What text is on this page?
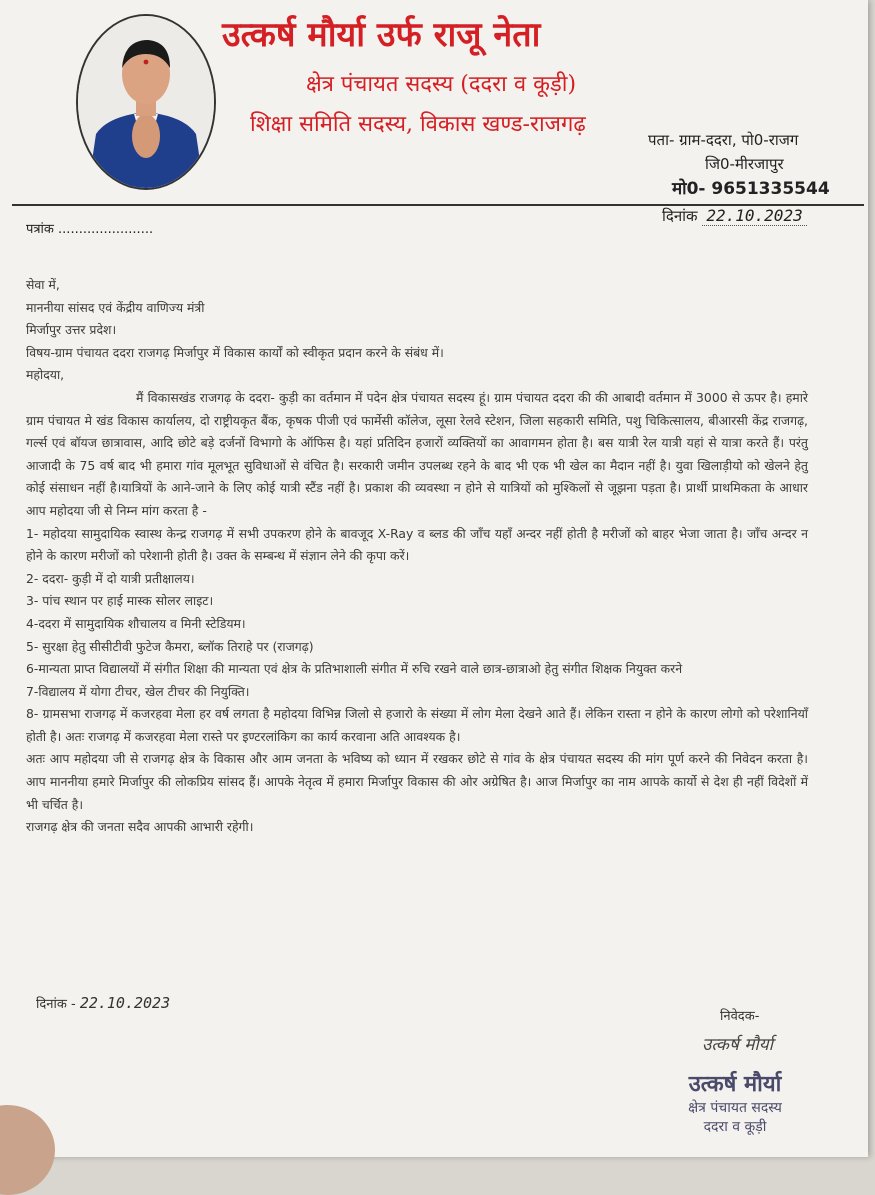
उत्कर्ष मौर्या उर्फ राजू नेता
क्षेत्र पंचायत सदस्य (ददरा व कूड़ी)
शिक्षा समिति सदस्य, विकास खण्ड-राजगढ़
पता- ग्राम-ददरा, पो0-राजग
जि0-मीरजापुर
मो0- 9651335544
पत्रांक .......................
दिनांक 22.10.2023

सेवा में,

माननीया सांसद एवं केंद्रीय वाणिज्य मंत्री

मिर्जापुर उत्तर प्रदेश।

विषय-ग्राम पंचायत ददरा राजगढ़ मिर्जापुर में विकास कार्यों को स्वीकृत प्रदान करने के संबंध में।

महोदया,

मैं विकासखंड राजगढ़ के ददरा- कुड़ी का वर्तमान में पदेन क्षेत्र पंचायत सदस्य हूं। ग्राम पंचायत ददरा की की आबादी वर्तमान में 3000 से ऊपर है। हमारे ग्राम पंचायत मे खंड विकास कार्यालय, दो राष्ट्रीयकृत बैंक, कृषक पीजी एवं फार्मेसी कॉलेज, लूसा रेलवे स्टेशन, जिला सहकारी समिति, पशु चिकित्सालय, बीआरसी केंद्र राजगढ़, गर्ल्स एवं बॉयज छात्रावास, आदि छोटे बड़े दर्जनों विभागो के ऑफिस है। यहां प्रतिदिन हजारों व्यक्तियों का आवागमन होता है। बस यात्री रेल यात्री यहां से यात्रा करते हैं। परंतु आजादी के 75 वर्ष बाद भी हमारा गांव मूलभूत सुविधाओं से वंचित है। सरकारी जमीन उपलब्ध रहने के बाद भी एक भी खेल का मैदान नहीं है। युवा खिलाड़ीयो को खेलने हेतु कोई संसाधन नहीं है।यात्रियों के आने-जाने के लिए कोई यात्री स्टैंड नहीं है। प्रकाश की व्यवस्था न होने से यात्रियों को मुश्किलों से जूझना पड़ता है। प्रार्थी प्राथमिकता के आधार आप महोदया जी से निम्न मांग करता है -

1- महोदया सामुदायिक स्वास्थ केन्द्र राजगढ़ में सभी उपकरण होने के बावजूद X-Ray व ब्लड की जाँच यहाँ अन्दर नहीं होती है मरीजों को बाहर भेजा जाता है। जाँच अन्दर न होने के कारण मरीजों को परेशानी होती है। उक्त के सम्बन्ध में संज्ञान लेने की कृपा करें।

2- ददरा- कुड़ी में दो यात्री प्रतीक्षालय।

3- पांच स्थान पर हाई मास्क सोलर लाइट।

4-ददरा में सामुदायिक शौचालय व मिनी स्टेडियम।

5- सुरक्षा हेतु सीसीटीवी फुटेज कैमरा, ब्लॉक तिराहे पर (राजगढ़)

6-मान्यता प्राप्त विद्यालयों में संगीत शिक्षा की मान्यता एवं क्षेत्र के प्रतिभाशाली संगीत में रुचि रखने वाले छात्र-छात्राओ हेतु संगीत शिक्षक नियुक्त करने

7-विद्यालय में योगा टीचर, खेल टीचर की नियुक्ति।

8- ग्रामसभा राजगढ़ में कजरहवा मेला हर वर्ष लगता है महोदया विभिन्न जिलो से हजारो के संख्या में लोग मेला देखने आते हैं। लेकिन रास्ता न होने के कारण लोगो को परेशानियाँ होती है। अतः राजगढ़ में कजरहवा मेला रास्ते पर इण्टरलांकिग का कार्य करवाना अति आवश्यक है।

अतः आप महोदया जी से राजगढ़ क्षेत्र के विकास और आम जनता के भविष्य को ध्यान में रखकर छोटे से गांव के क्षेत्र पंचायत सदस्य की मांग पूर्ण करने की निवेदन करता है। आप माननीया हमारे मिर्जापुर की लोकप्रिय सांसद हैं। आपके नेतृत्व में हमारा मिर्जापुर विकास की ओर अग्रेषित है। आज मिर्जापुर का नाम आपके कार्यो से देश ही नहीं विदेशों में भी चर्चित है।

राजगढ़ क्षेत्र की जनता सदैव आपकी आभारी रहेगी।

दिनांक - 22.10.2023
निवेदक-
उत्कर्ष मौर्या
उत्कर्ष मौर्या
क्षेत्र पंचायत सदस्य
ददरा व कूड़ी
